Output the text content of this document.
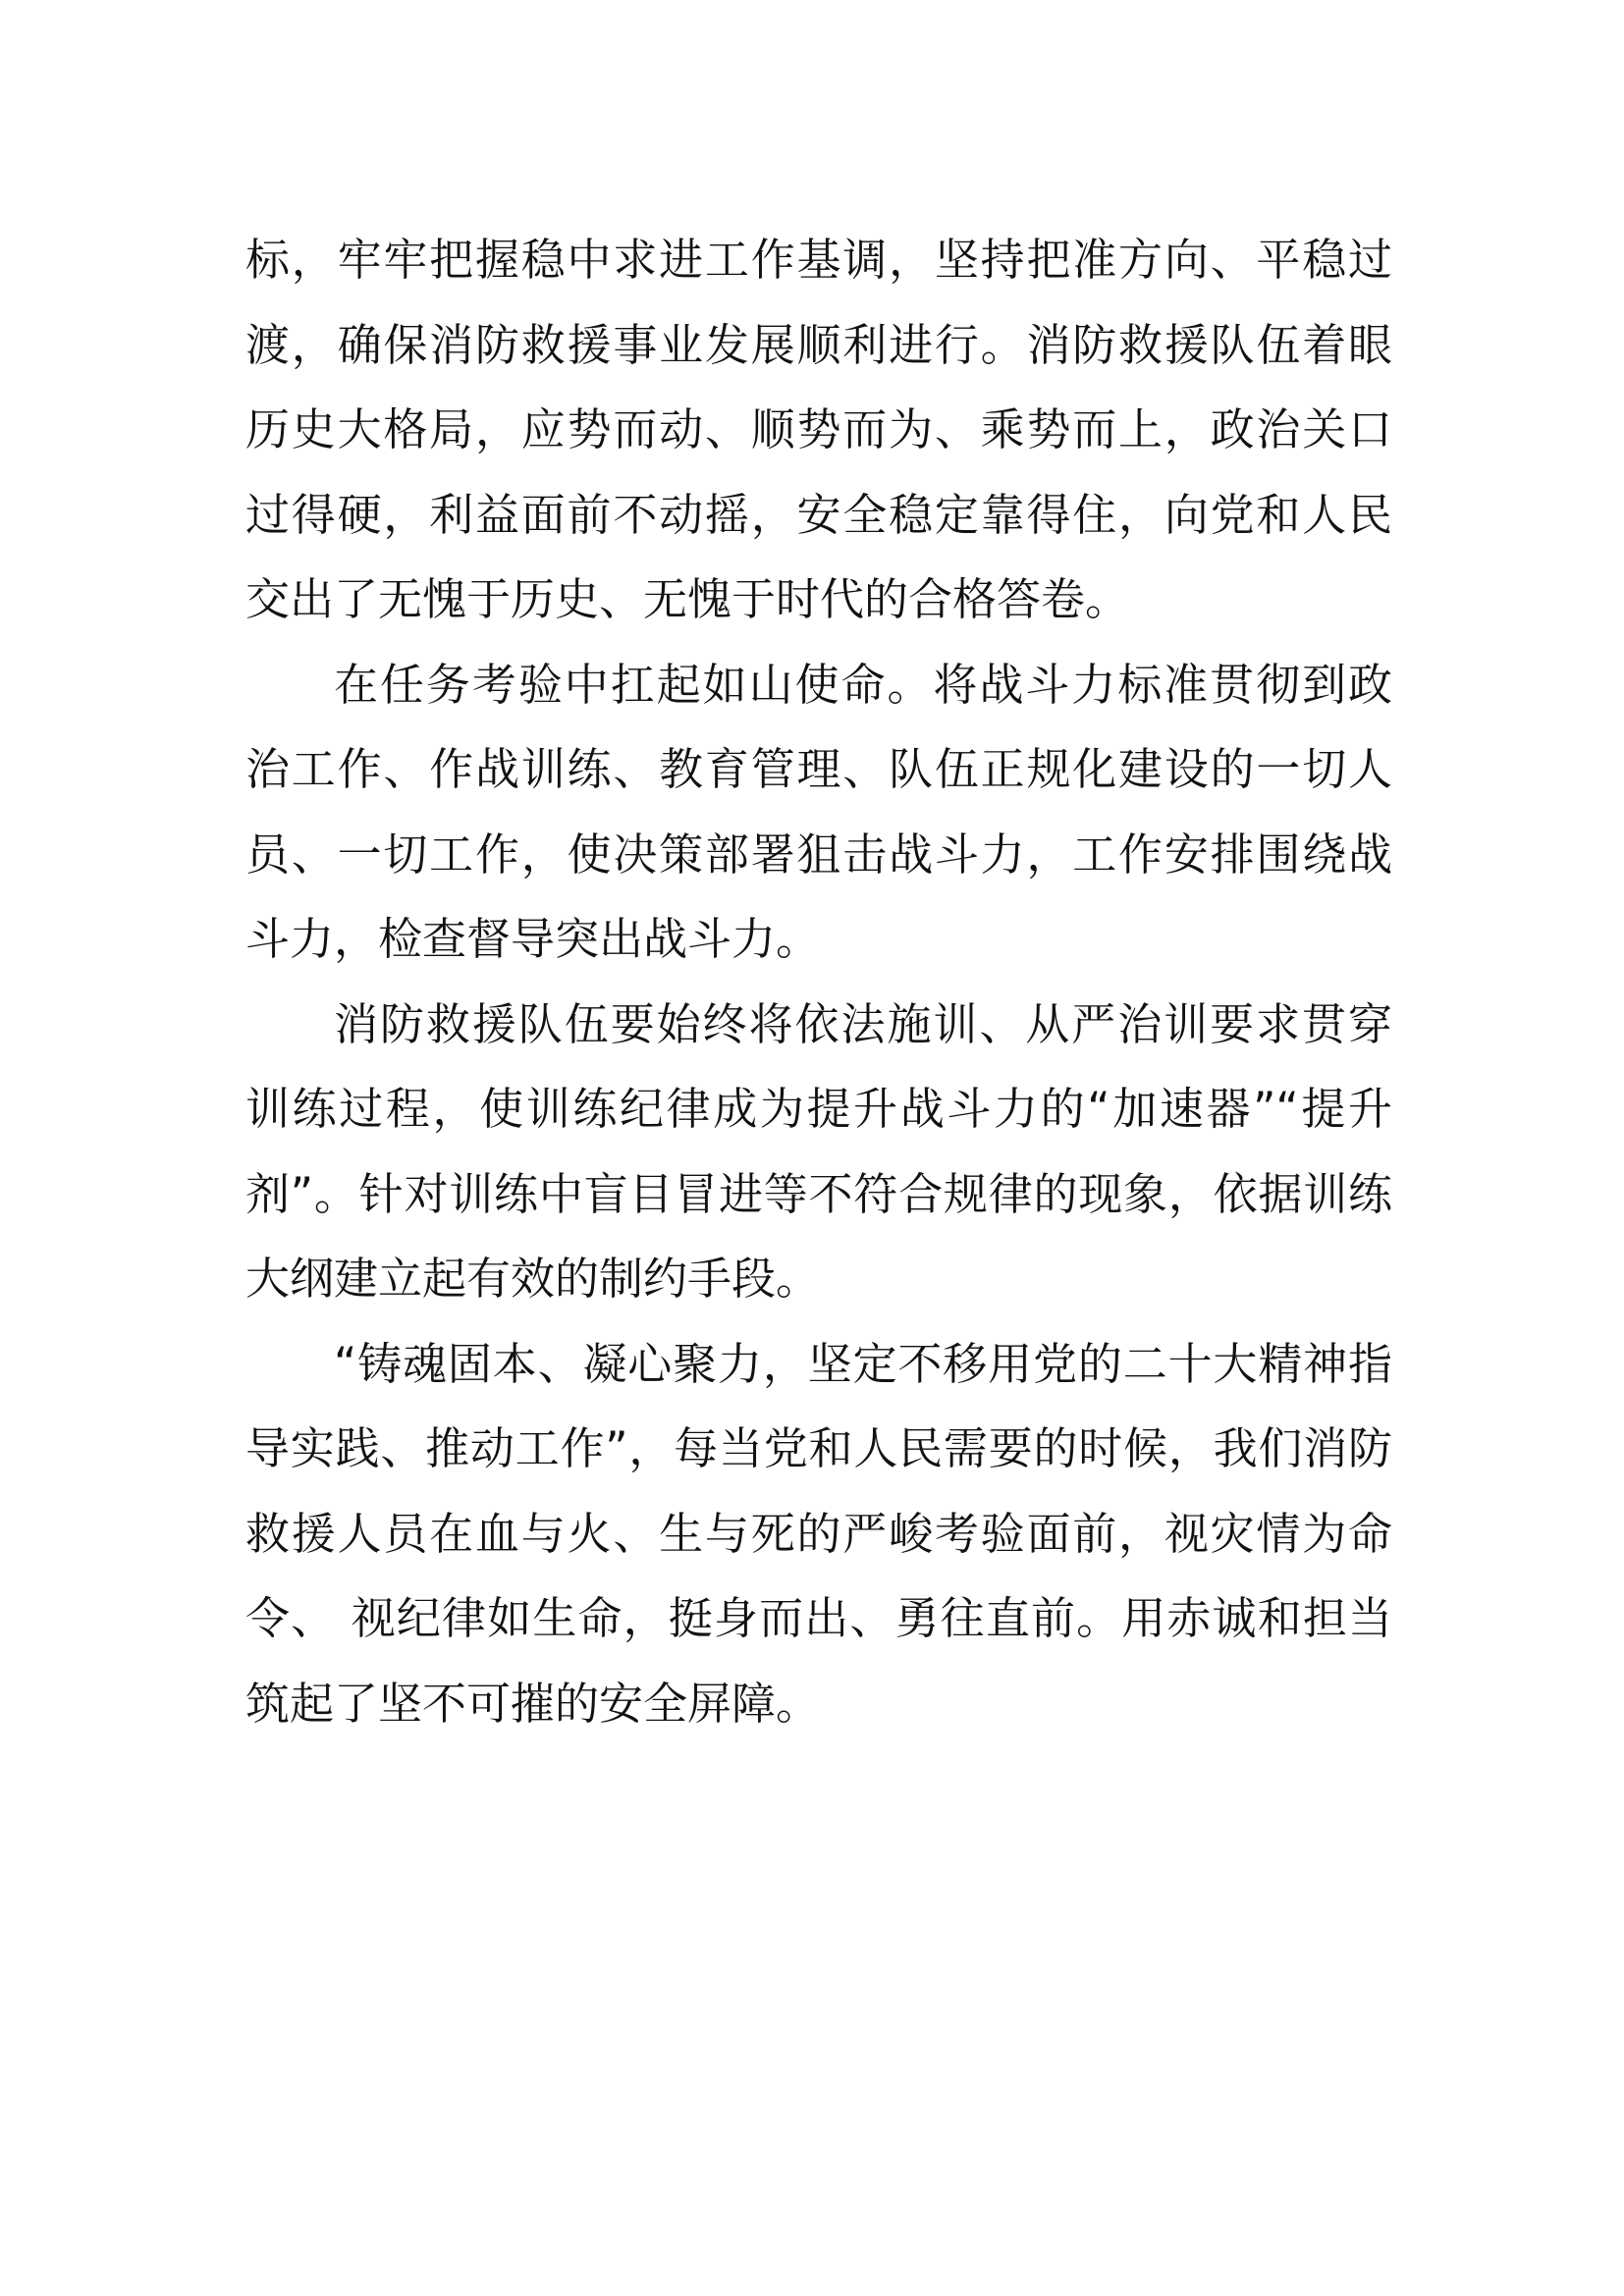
标，牢牢把握稳中求进工作基调，坚持把准方向、平稳过渡，确保消防救援事业发展顺利进行。消防救援队伍着眼历史大格局，应势而动、顺势而为、乘势而上，政治关口过得硬，利益面前不动摇，安全稳定靠得住，向党和人民交出了无愧于历史、无愧于时代的合格答卷。

在任务考验中扛起如山使命。将战斗力标准贯彻到政治工作、作战训练、教育管理、队伍正规化建设的一切人员、一切工作，使决策部署狙击战斗力，工作安排围绕战斗力，检查督导突出战斗力。

消防救援队伍要始终将依法施训、从严治训要求贯穿训练过程，使训练纪律成为提升战斗力的“加速器”“提升剂”。针对训练中盲目冒进等不符合规律的现象，依据训练大纲建立起有效的制约手段。

“铸魂固本、凝心聚力，坚定不移用党的二十大精神指导实践、推动工作”，每当党和人民需要的时候，我们消防救援人员在血与火、生与死的严峻考验面前，视灾情为命令、 视纪律如生命，挺身而出、勇往直前。用赤诚和担当筑起了坚不可摧的安全屏障。
